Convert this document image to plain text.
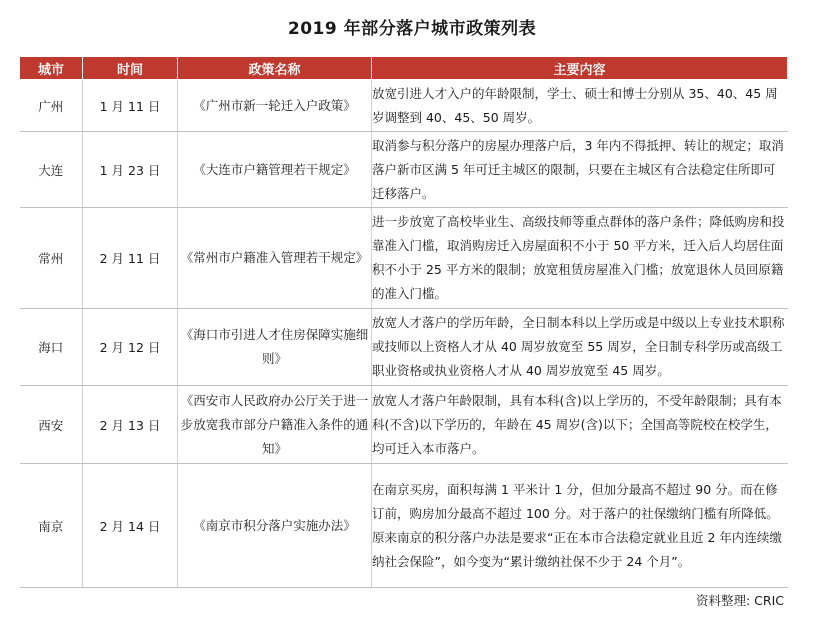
2019 年部分落户城市政策列表
城市	时间	政策名称	主要内容
广州	1 月 11 日	《广州市新一轮迁入户政策》	放宽引进人才入户的年龄限制，学士、硕士和博士分别从 35、40、45 周岁调整到 40、45、50 周岁。
大连	1 月 23 日	《大连市户籍管理若干规定》	取消参与积分落户的房屋办理落户后，3 年内不得抵押、转让的规定；取消落户新市区满 5 年可迁主城区的限制，只要在主城区有合法稳定住所即可迁移落户。
常州	2 月 11 日	《常州市户籍准入管理若干规定》	进一步放宽了高校毕业生、高级技师等重点群体的落户条件；降低购房和投靠准入门槛，取消购房迁入房屋面积不小于 50 平方米，迁入后人均居住面积不小于 25 平方米的限制；放宽租赁房屋准入门槛；放宽退休人员回原籍的准入门槛。
海口	2 月 12 日	《海口市引进人才住房保障实施细则》	放宽人才落户的学历年龄，全日制本科以上学历或是中级以上专业技术职称或技师以上资格人才从 40 周岁放宽至 55 周岁，全日制专科学历或高级工职业资格或执业资格人才从 40 周岁放宽至 45 周岁。
西安	2 月 13 日	《西安市人民政府办公厅关于进一步放宽我市部分户籍准入条件的通知》	放宽人才落户年龄限制，具有本科(含)以上学历的，不受年龄限制；具有本科(不含)以下学历的，年龄在 45 周岁(含)以下；全国高等院校在校学生，均可迁入本市落户。
南京	2 月 14 日	《南京市积分落户实施办法》	在南京买房，面积每满 1 平米计 1 分，但加分最高不超过 90 分。而在修订前，购房加分最高不超过 100 分。对于落户的社保缴纳门槛有所降低。原来南京的积分落户办法是要求“正在本市合法稳定就业且近 2 年内连续缴纳社会保险”，如今变为“累计缴纳社保不少于 24 个月”。
资料整理: CRIC
